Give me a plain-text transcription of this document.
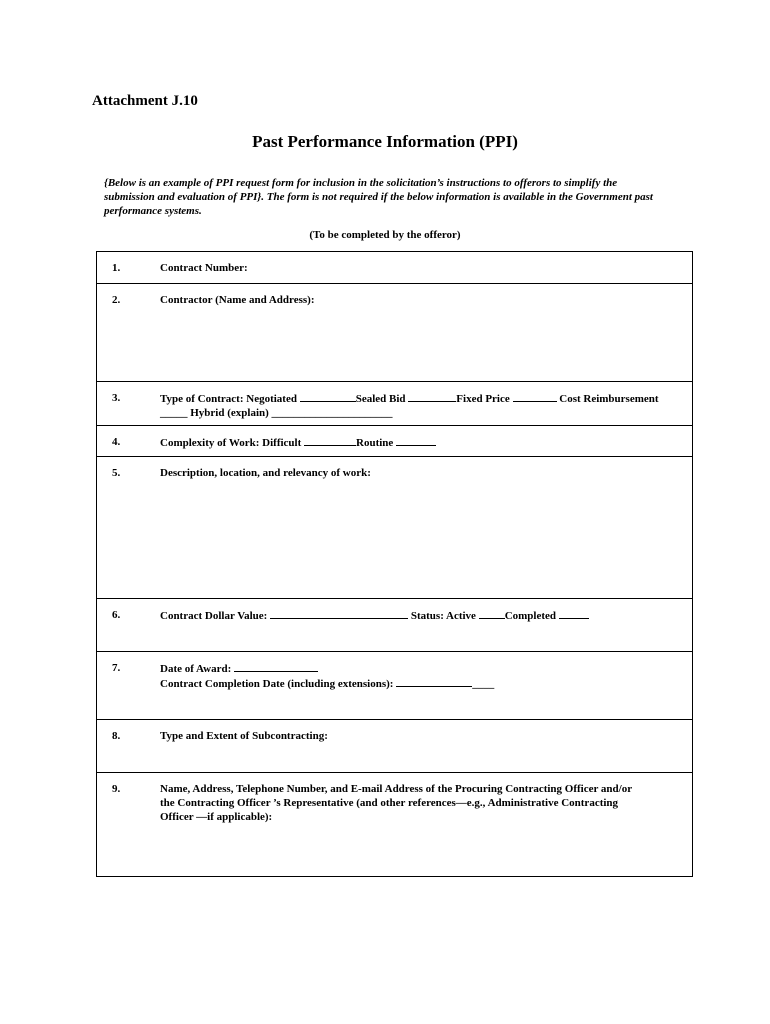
Attachment J.10
Past Performance Information (PPI)
{Below is an example of PPI request form for inclusion in the solicitation’s instructions to offerors to simplify the submission and evaluation of PPI}. The form is not required if the below information is available in the Government past performance systems.
(To be completed by the offeror)
1.	Contract Number:

2.	Contractor (Name and Address):

3.	Type of Contract: Negotiated	Sealed Bid	Fixed Price	Cost Reimbursement
_____ Hybrid (explain) ______________________

4.	Complexity of Work: Difficult	Routine

5.	Description, location, and relevancy of work:

6.	Contract Dollar Value:	Status: Active	Completed

7.	Date of Award:
Contract Completion Date (including extensions):	____

8.	Type and Extent of Subcontracting:

9.	Name, Address, Telephone Number, and E-mail Address of the Procuring Contracting Officer and/or the Contracting Officer ’s Representative (and other references—e.g., Administrative Contracting Officer —if applicable):
